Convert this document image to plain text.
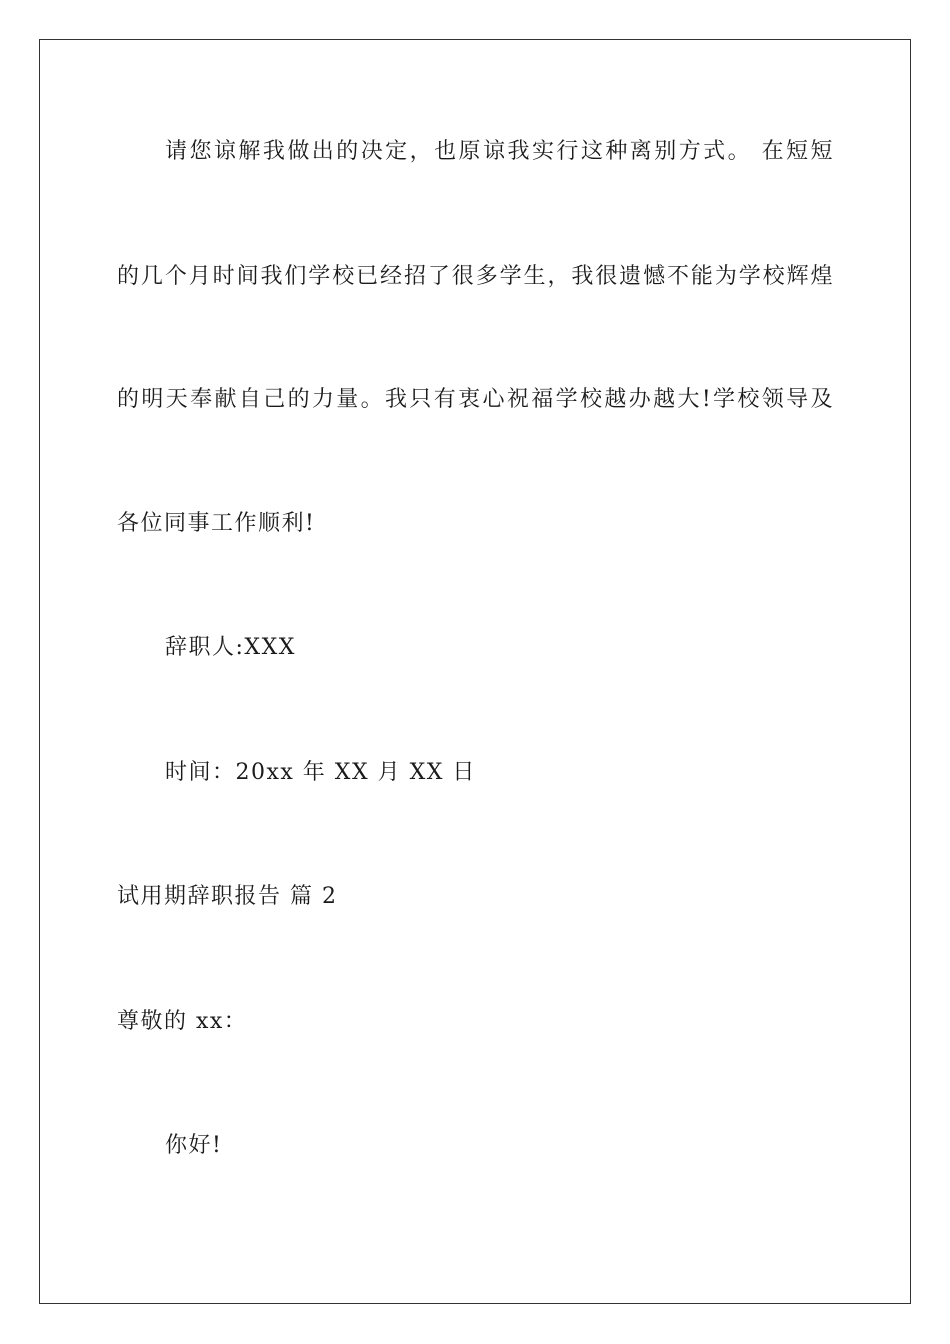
请您谅解我做出的决定，也原谅我实行这种离别方式。 在短短
的几个月时间我们学校已经招了很多学生，我很遗憾不能为学校辉煌
的明天奉献自己的力量。我只有衷心祝福学校越办越大!学校领导及
各位同事工作顺利!
辞职人:XXX
时间：20xx 年 XX 月 XX 日
试用期辞职报告 篇 2
尊敬的 xx：
你好!
